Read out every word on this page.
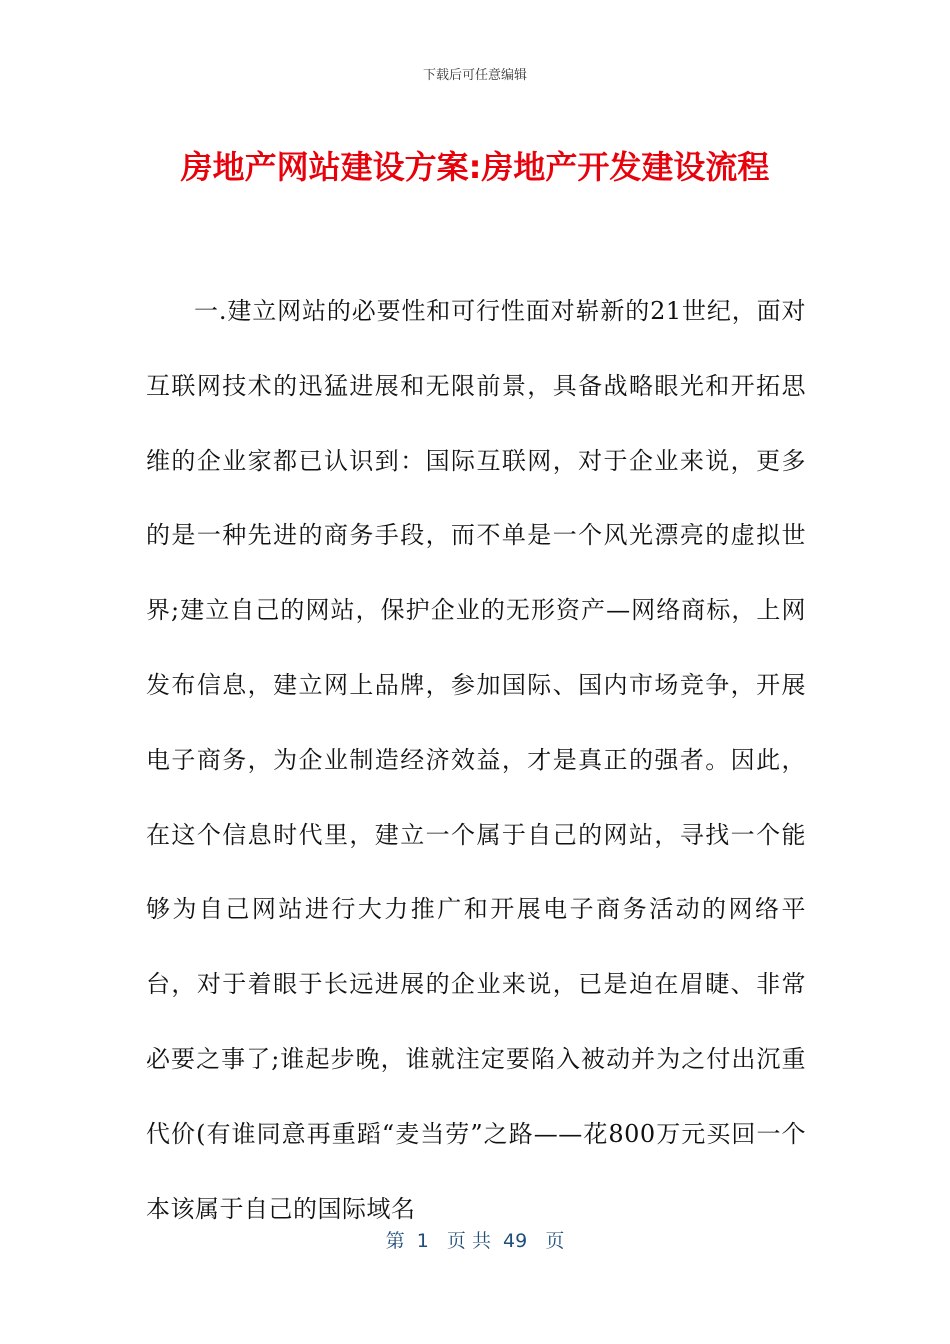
下载后可任意编辑
房地产网站建设方案:房地产开发建设流程

一.建立网站的必要性和可行性面对崭新的21世纪，面对互联网技术的迅猛进展和无限前景，具备战略眼光和开拓思维的企业家都已认识到：国际互联网，对于企业来说，更多的是一种先进的商务手段，而不单是一个风光漂亮的虚拟世界;建立自己的网站，保护企业的无形资产—网络商标，上网发布信息，建立网上品牌，参加国际、国内市场竞争，开展电子商务，为企业制造经济效益，才是真正的强者。因此，在这个信息时代里，建立一个属于自己的网站，寻找一个能够为自己网站进行大力推广和开展电子商务活动的网络平台，对于着眼于长远进展的企业来说，已是迫在眉睫、非常必要之事了;谁起步晚，谁就注定要陷入被动并为之付出沉重代价(有谁同意再重蹈“麦当劳”之路——花800万元买回一个本该属于自己的国际域名

第  1   页 共  49   页
